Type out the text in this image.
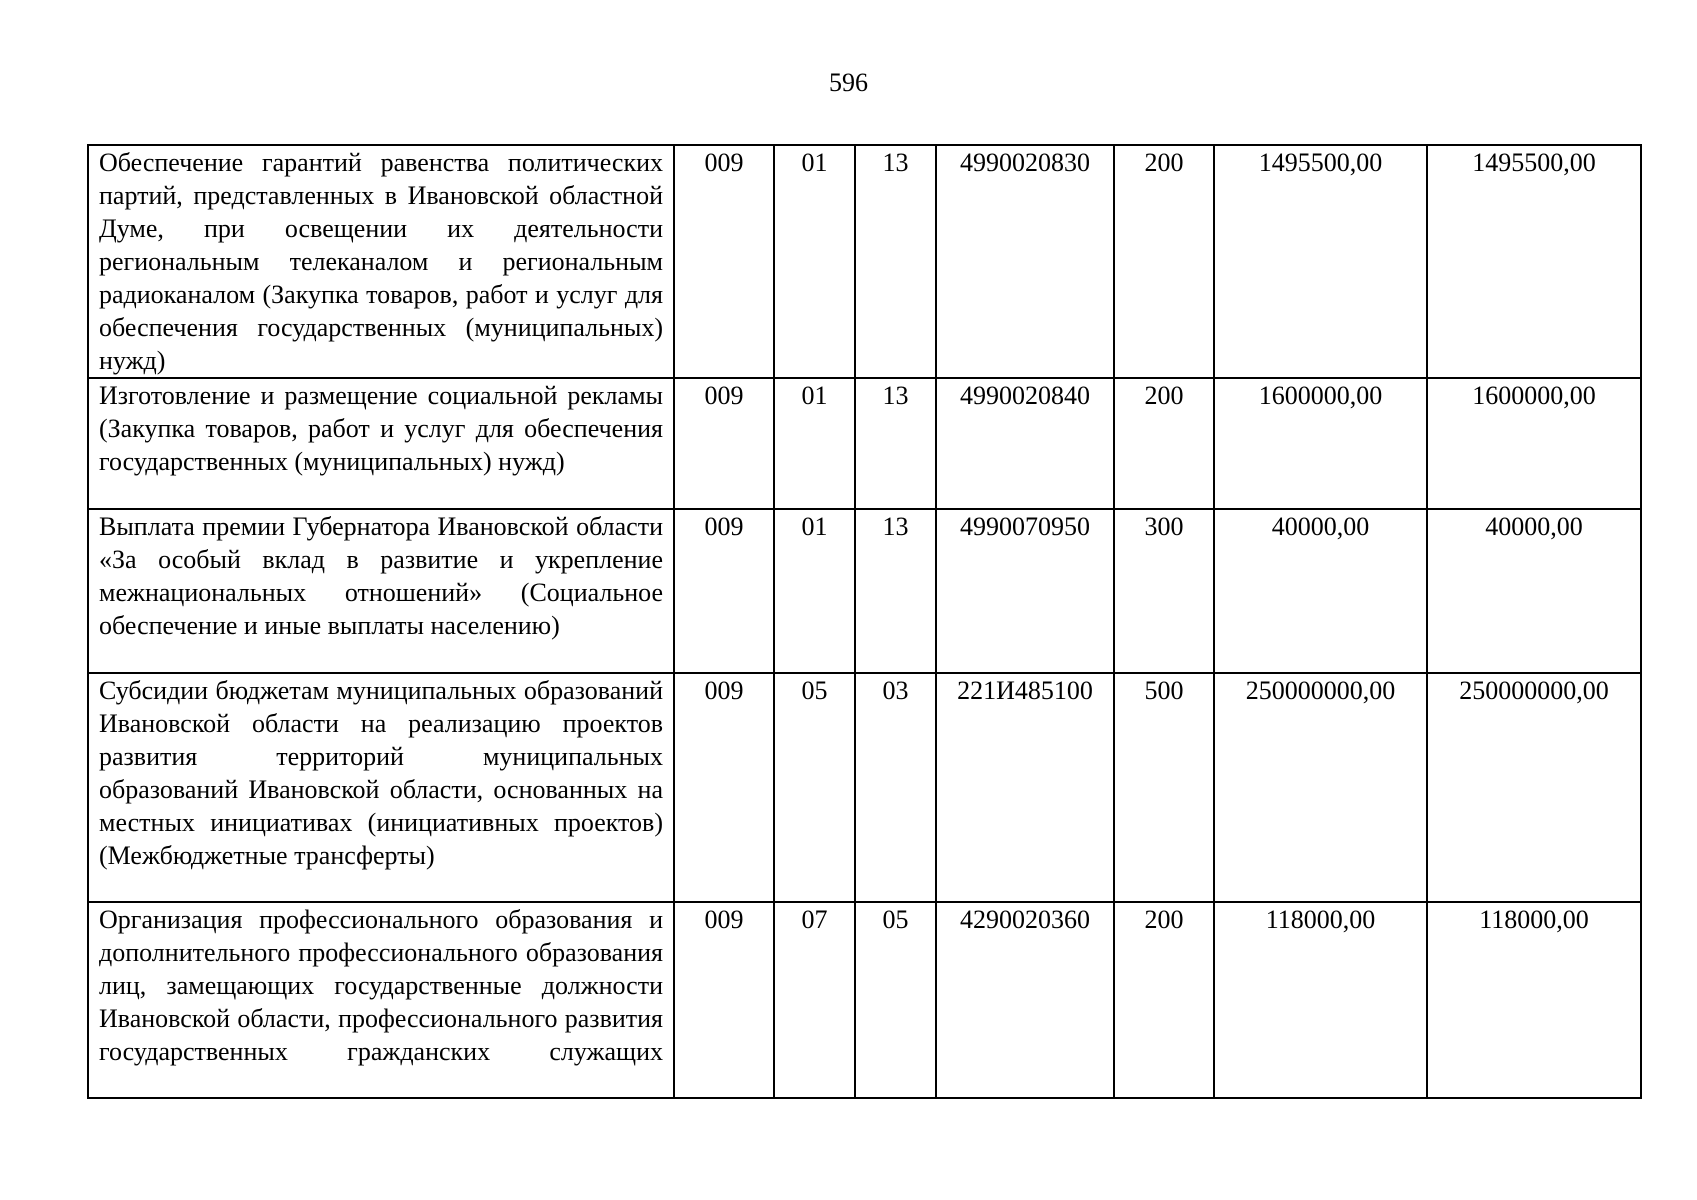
596
Обеспечение гарантий равенства политических партий, представленных в Ивановской областной Думе, при освещении их деятельности региональным телеканалом и региональным радиоканалом (Закупка товаров, работ и услуг для обеспечения государственных (муниципальных) нужд)	009	01	13	4990020830	200	1495500,00	1495500,00

Изготовление и размещение социальной рекламы (Закупка товаров, работ и услуг для обеспечения государственных (муниципальных) нужд)	009	01	13	4990020840	200	1600000,00	1600000,00

Выплата премии Губернатора Ивановской области «За особый вклад в развитие и укрепление межнациональных отношений» (Социальное обеспечение и иные выплаты населению)	009	01	13	4990070950	300	40000,00	40000,00

Субсидии бюджетам муниципальных образований Ивановской области на реализацию проектов развития территорий муниципальных образований Ивановской области, основанных на местных инициативах (инициативных проектов) (Межбюджетные трансферты)	009	05	03	221И485100	500	250000000,00	250000000,00

Организация профессионального образования и дополнительного профессионального образования лиц, замещающих государственные должности Ивановской области, профессионального развития государственных гражданских служащих	009	07	05	4290020360	200	118000,00	118000,00
